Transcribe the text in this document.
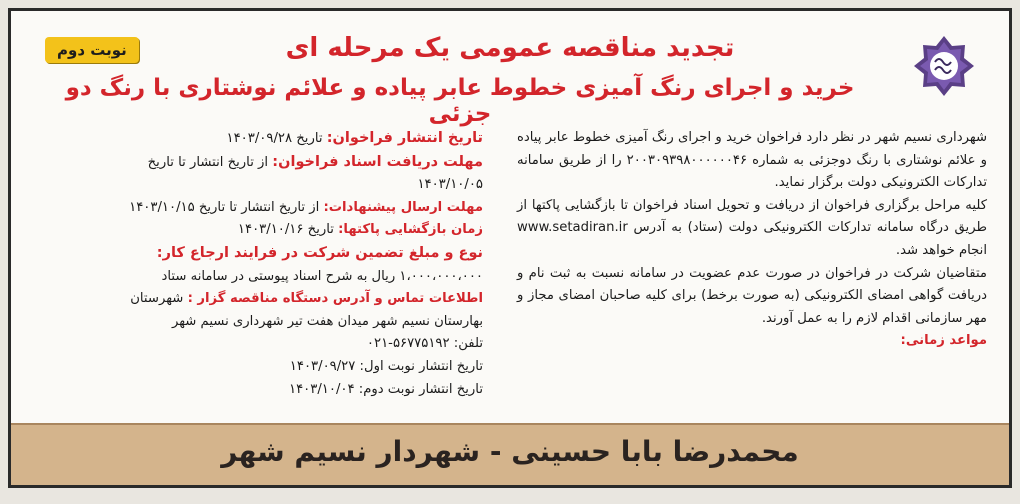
نوبت دوم	تجدید مناقصه عمومی یک مرحله ای
خرید و اجرای رنگ آمیزی خطوط عابر پیاده و علائم نوشتاری با رنگ دو جزئی

شهرداری نسیم شهر در نظر دارد فراخوان خرید و اجرای رنگ آمیزی خطوط عابر پیاده و علائم نوشتاری با رنگ دوجزئی به شماره ۲۰۰۳۰۹۳۹۸۰۰۰۰۰۰۴۶ را از طریق سامانه تدارکات الکترونیکی دولت برگزار نماید.

کلیه مراحل برگزاری فراخوان از دریافت و تحویل اسناد فراخوان تا بازگشایی پاکتها از طریق درگاه سامانه تدارکات الکترونیکی دولت (ستاد) به آدرس www.setadiran.ir انجام خواهد شد.

متقاضیان شرکت در فراخوان در صورت عدم عضویت در سامانه نسبت به ثبت نام و دریافت گواهی امضای الکترونیکی (به صورت برخط) برای کلیه صاحبان امضای مجاز و مهر سازمانی اقدام لازم را به عمل آورند.

مواعد زمانی:

تاریخ انتشار فراخوان: تاریخ ۱۴۰۳/۰۹/۲۸

مهلت دریافت اسناد فراخوان: از تاریخ انتشار تا تاریخ

۱۴۰۳/۱۰/۰۵

مهلت ارسال پیشنهادات: از تاریخ انتشار تا تاریخ ۱۴۰۳/۱۰/۱۵

زمان بازگشایی پاکتها: تاریخ ۱۴۰۳/۱۰/۱۶

نوع و مبلغ تضمین شرکت در فرایند ارجاع کار:

۱،۰۰۰،۰۰۰،۰۰۰ ریال به شرح اسناد پیوستی در سامانه ستاد

اطلاعات تماس و آدرس دستگاه مناقصه گزار : شهرستان

بهارستان نسیم شهر میدان هفت تیر شهرداری نسیم شهر

تلفن: ۵۶۷۷۵۱۹۲-۰۲۱

تاریخ انتشار نوبت اول: ۱۴۰۳/۰۹/۲۷

تاریخ انتشار نوبت دوم: ۱۴۰۳/۱۰/۰۴

محمدرضا بابا حسینی - شهردار نسیم شهر
